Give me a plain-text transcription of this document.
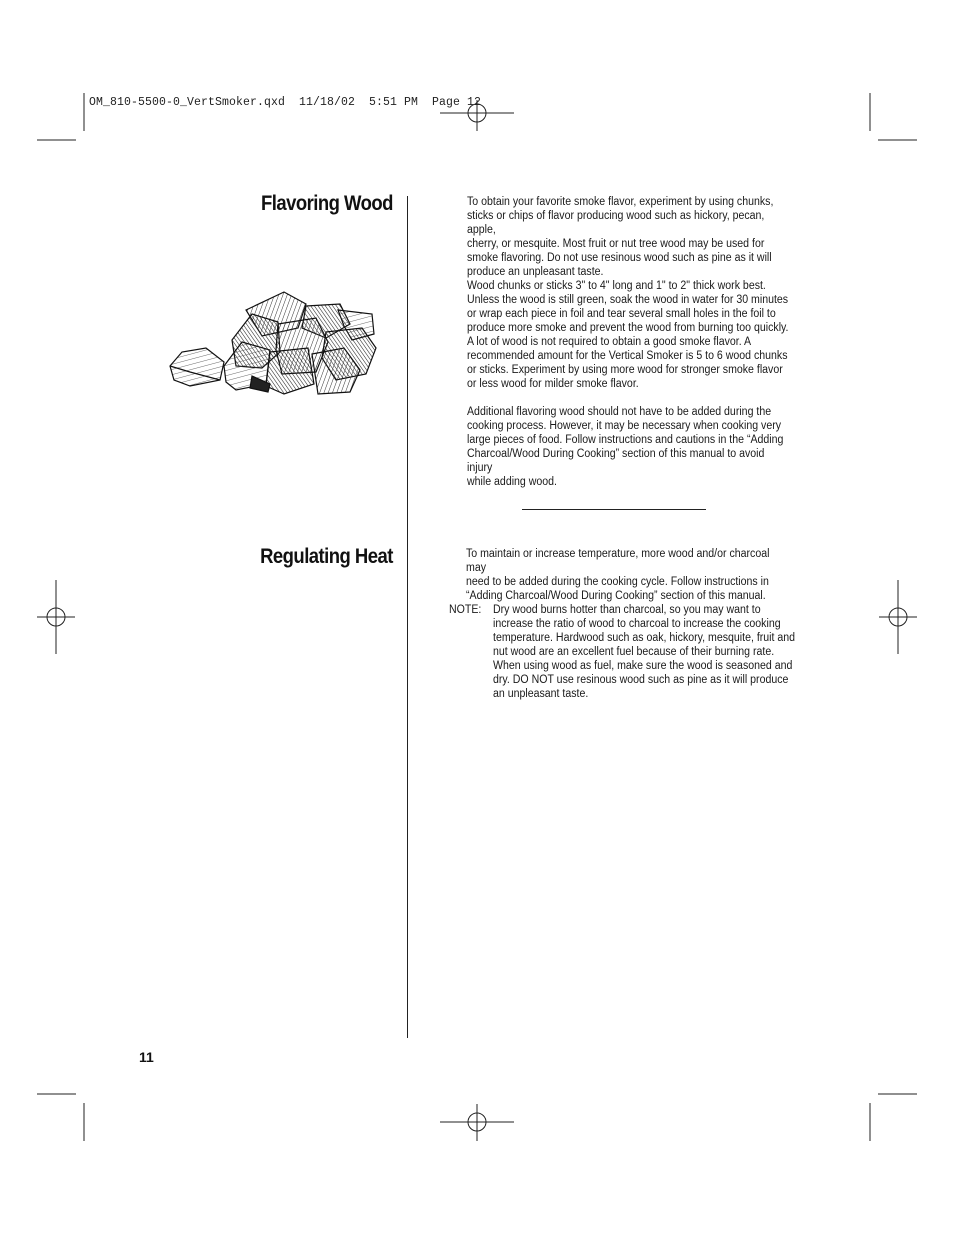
OM_810-5500-0_VertSmoker.qxd  11/18/02  5:51 PM  Page 12
Flavoring Wood	To obtain your favorite smoke flavor, experiment by using chunks,
sticks or chips of flavor producing wood such as hickory, pecan, apple,
cherry, or mesquite. Most fruit or nut tree wood may be used for
smoke flavoring. Do not use resinous wood such as pine as it will
produce an unpleasant taste.
Wood chunks or sticks 3" to 4" long and 1" to 2" thick work best.
Unless the wood is still green, soak the wood in water for 30 minutes
or wrap each piece in foil and tear several small holes in the foil to
produce more smoke and prevent the wood from burning too quickly.
A lot of wood is not required to obtain a good smoke flavor. A
recommended amount for the Vertical Smoker is 5 to 6 wood chunks
or sticks. Experiment by using more wood for stronger smoke flavor
or less wood for milder smoke flavor.
Additional flavoring wood should not have to be added during the
cooking process. However, it may be necessary when cooking very
large pieces of food. Follow instructions and cautions in the “Adding
Charcoal/Wood During Cooking” section of this manual to avoid injury
while adding wood.
Regulating Heat	To maintain or increase temperature, more wood and/or charcoal may
need to be added during the cooking cycle. Follow instructions in
“Adding Charcoal/Wood During Cooking” section of this manual.
NOTE: Dry wood burns hotter than charcoal, so you may want to
increase the ratio of wood to charcoal to increase the cooking
temperature. Hardwood such as oak, hickory, mesquite, fruit and
nut wood are an excellent fuel because of their burning rate.
When using wood as fuel, make sure the wood is seasoned and
dry. DO NOT use resinous wood such as pine as it will produce
an unpleasant taste.
11
